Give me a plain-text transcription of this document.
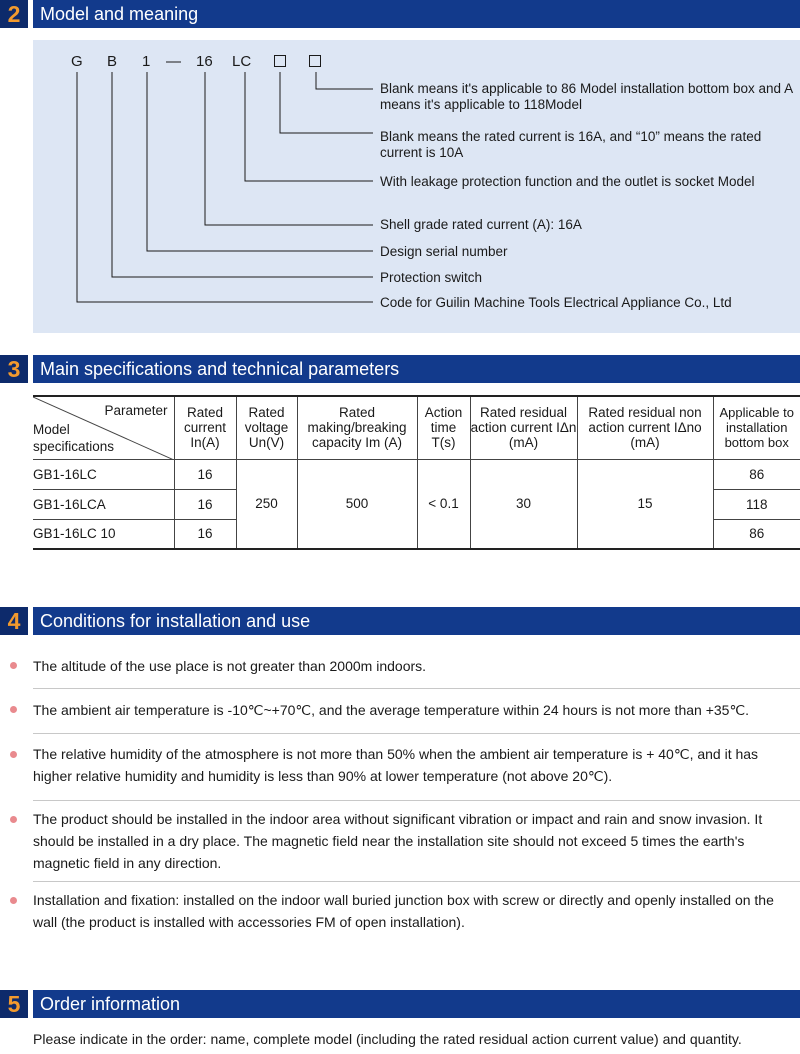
2	Model and meaning
G B 1 — 16 LC
Blank means it's applicable to 86 Model installation bottom box and A means it's applicable to 118Model
Blank means the rated current is 16A, and “10” means the rated current is 10A
With leakage protection function and the outlet is socket Model
Shell grade rated current (A): 16A
Design serial number
Protection switch
Code for Guilin Machine Tools Electrical Appliance Co., Ltd
3	Main specifications and technical parameters
Parameter
Model specifications	Rated current In(A)	Rated voltage Un(V)	Rated making/breaking capacity Im (A)	Action time T(s)	Rated residual action current IΔn (mA)	Rated residual non action current IΔno (mA)	Applicable to installation bottom box
GB1-16LC	16	250	500	< 0.1	30	15	86
GB1-16LCA	16						118
GB1-16LC 10	16						86
4	Conditions for installation and use
The altitude of the use place is not greater than 2000m indoors.
The ambient air temperature is -10℃~+70℃, and the average temperature within 24 hours is not more than +35℃.
The relative humidity of the atmosphere is not more than 50% when the ambient air temperature is + 40℃, and it has higher relative humidity and humidity is less than 90% at lower temperature (not above 20℃).
The product should be installed in the indoor area without significant vibration or impact and rain and snow invasion. It should be installed in a dry place. The magnetic field near the installation site should not exceed 5 times the earth's magnetic field in any direction.
Installation and fixation: installed on the indoor wall buried junction box with screw or directly and openly installed on the wall (the product is installed with accessories FM of open installation).
5	Order information
Please indicate in the order: name, complete model (including the rated residual action current value) and quantity.
